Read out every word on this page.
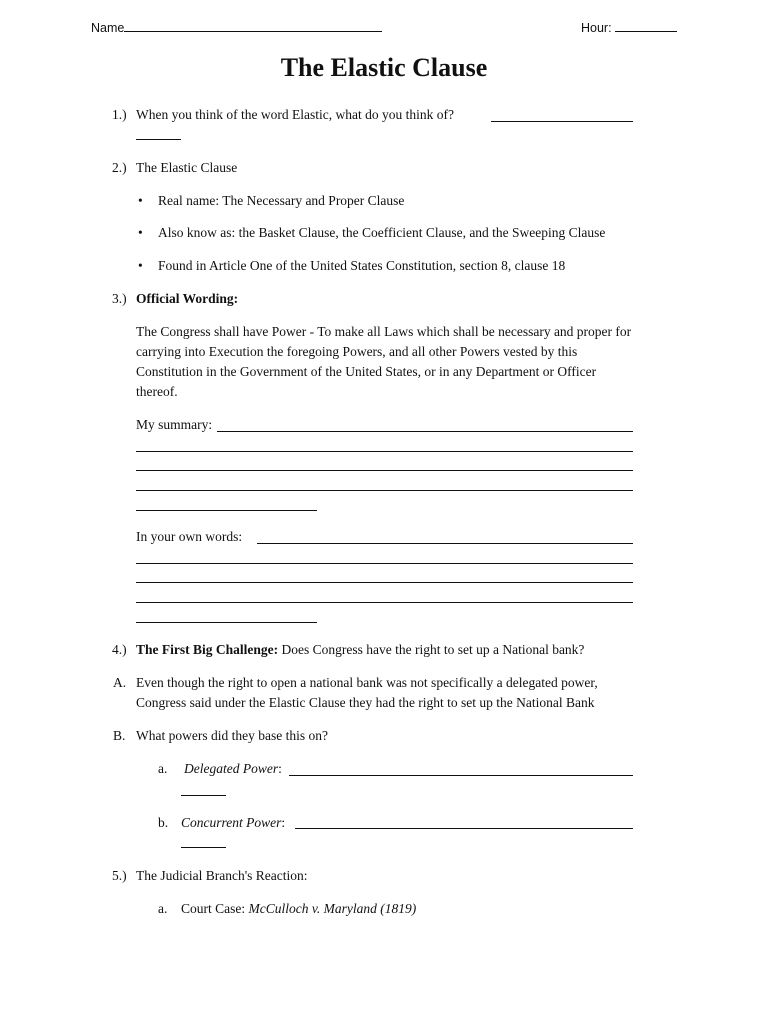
Name	Hour:
The Elastic Clause
1.) When you think of the word Elastic, what do you think of?
2.) The Elastic Clause
• Real name: The Necessary and Proper Clause
• Also know as: the Basket Clause, the Coefficient Clause, and the Sweeping Clause
• Found in Article One of the United States Constitution, section 8, clause 18
3.) Official Wording:
The Congress shall have Power - To make all Laws which shall be necessary and proper for
carrying into Execution the foregoing Powers, and all other Powers vested by this
Constitution in the Government of the United States, or in any Department or Officer
thereof.
My summary:
In your own words:
4.) The First Big Challenge: Does Congress have the right to set up a National bank?
A. Even though the right to open a national bank was not specifically a delegated power,
Congress said under the Elastic Clause they had the right to set up the National Bank
B. What powers did they base this on?
a. Delegated Power:
b. Concurrent Power:
5.) The Judicial Branch's Reaction:
a. Court Case: McCulloch v. Maryland (1819)
